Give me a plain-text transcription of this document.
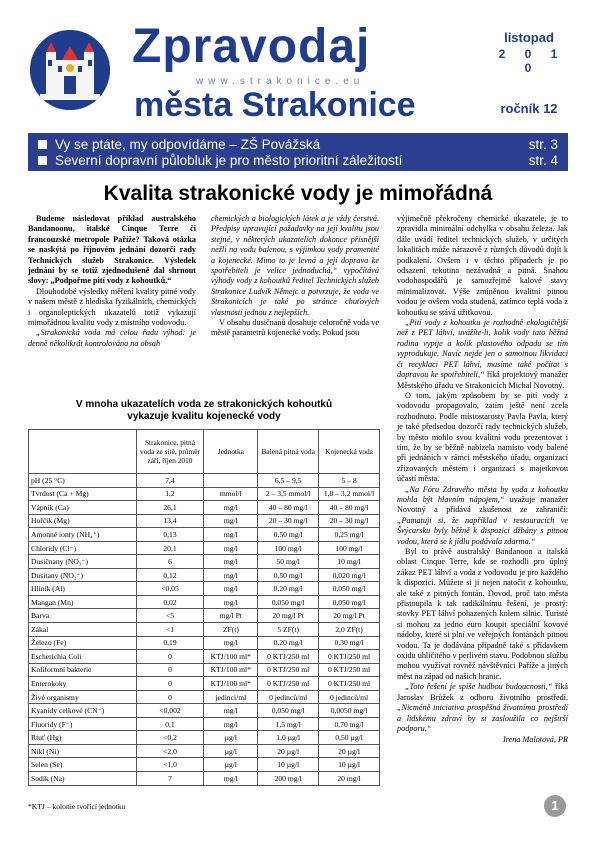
Zpravodaj
www.strakonice.eu
města Strakonice
listopad
2 0 1 0
ročník 12
Vy se ptáte, my odpovídáme – ZŠ Povážská	str. 3
Severní dopravní půlobluk je pro město prioritní záležitostí	str. 4
Kvalita strakonické vody je mimořádná

Budeme následovat příklad australského Bandanoonu, italské Cinque Terre či francouzské metropole Paříže? Taková otázka se naskýtá po říjnovém jednání dozorčí rady Technických služeb Strakonice. Výsledek jednání by se totiž zjednodušeně dal shrnout slovy: „Podpořme pití vody z kohoutků.“

Dlouhodobé výsledky měření kvality pitné vody v našem městě z hlediska fyzikálních, chemických i organoleptických ukazatelů totiž vykazují mimořádnou kvalitu vody z místního vodovodu.

„Strakonická voda má celou řadu výhod: je denně několikrát kontrolována na obsah

chemických a biologických látek a je vždy čerstvá. Předpisy upravující požadavky na její kvalitu jsou stejné, v některých ukazatelích dokonce přísnější nežli na vodu balenou, s výjimkou vody pramenité a kojenecké. Mimo to je levná a její doprava ke spotřebiteli je velice jednoduchá,“ vypočítává výhody vody z kohoutků ředitel Technických služeb Strakonice Ludvík Němejc a potvrzuje, že voda ve Strakonicích je také po stránce chuťových vlastností jednou z nejlepších.

V obsahu dusičnanů dosahuje celoročně voda ve městě parametrů kojenecké vody. Pokud jsou

výjimečně překročeny chemické ukazatele, je to zpravidla minimální odchylka v obsahu železa. Jak dále uvádí ředitel technických služeb, v určitých lokalitách může nárazově z různých důvodů dojít k podkalení. Ovšem i v těchto případech je po odsazení tekutina nezávadná a pitná. Snahou vodohospodářů je samozřejmě kalové stavy minimalizovat. Výše zmíněnou kvalitní pitnou vodou je ovšem voda studená, zatímco teplá voda z kohoutku se stává užitkovou.

„Pití vody z kohoutku je rozhodně ekologičtější než z PET láhví, uvážíte-li, kolik vody tato běžná rodina vypije a kolik plastového odpadu se tím vyprodukuje. Navíc nejde jen o samotnou likvidaci či recyklaci PET láhví, musíme také počítat s dopravou ke spotřebiteli,“ říká projektový manažer Městského úřadu ve Strakonicích Michal Novotný.

O tom, jakým způsobem by se pití vody z vodovodu propagovalo, zatím ještě není zcela rozhodnuto. Podle místostarosty Pavla Pavla, který je také předsedou dozorčí rady technických služeb, by město mohlo svou kvalitní vodu prezentovat i tím, že by se běžně nabízela namísto vody balené při jednáních v rámci městského úřadu, organizací zřizovaných městem i organizací s majetkovou účastí města.

„Na Fóru Zdravého města by voda z kohoutku mohla být hlavním nápojem,“ uvažuje manažer Novotný a přidává zkušenost ze zahraničí: „Pamatuji si, že například v restauracích ve Švýcarsku byly běžně k dispozici džbány s pitnou vodou, která se k jídlu podávala zdarma.“

Byl to právě australský Bandanoon a italská oblast Cinque Terre, kde se rozhodli pro úplný zákaz PET láhví a voda z vodovodu je pro každého k dispozici. Můžete si ji nejen natočit z kohoutku, ale také z pitných fontán. Dovod, proč tato města přistoupila k tak radikálnímu řešení, je prostý: stovky PET láhví pohazených kolem silnic. Turisté si mohou za jedno euro koupit speciální kovové nádoby, které si plní ve veřejných fontánách pitnou vodou. Ta je dodávána případně také s přídavkem oxidu uhličitého v perlivém stavu. Podobnou službu mohou využívat rovněž návštěvníci Paříže a jiných měst na západ od našich hranic.

„Toto řešení je spíše hudbou budoucnosti,“ říká Jaroslav Brůžek z odboru životního prostředí. „Nicméně iniciativa prospěšná životnímu prostředí a lidskému zdraví by si zasloužila co nejširší podporu.“

Irena Malotová, PR
V mnoha ukazatelích voda ze strakonických kohoutků
vykazuje kvalitu kojenecké vody
	Strakonice, pitná voda ze sítě, průměr září, říjen 2010	Jednotka	Balená pitná voda	Kojenecká voda
pH (25 °C)	7,4		6,5 – 9,5	5 – 8
Tvrdost (Ca + Mg)	1,2	mmol/l	2 – 3,5 mmol/l	1,8 – 3,2 mmol/l
Vápník (Ca)	26,1	mg/l	40 – 80 mg/l	40 – 80 mg/l
Hořčík (Mg)	13,4	mg/l	20 – 30 mg/l	20 – 30 mg/l
Amonné ionty (NH₄⁺)	0,13	mg/l	0,50 mg/l	0,25 mg/l
Chloridy (Cl⁻)	20,1	mg/l	100 mg/l	100 mg/l
Dusičnany (NO₃⁻)	6	mg/l	50 mg/l	10 mg/l
Dusitany (NO₂⁻)	0,12	mg/l	0,50 mg/l	0,020 mg/l
Hliník (Al)	<0,05	mg/l	0,20 mg/l	0,050 mg/l
Mangan (Mn)	0,02	mg/l	0,050 mg/l	0,050 mg/l
Barva	<5	mg/l Pt	20 mg/l Pt	20 mg/l Pt
Zákal	<1	ZF(t)	5 ZF(t)	2,0 ZF(t)
Železo (Fe)	0,19	mg/l	0,20 mg/l	0,30 mg/l
Escherichia Coli	0	KTJ/100 ml*	0 KTJ/250 ml	0 KTJ/250 ml
Koliformní bakterie	0	KTJ/100 ml*	0 KTJ/250 ml	0 KTJ/250 ml
Enterokoky	0	KTJ/100 ml*	0 KTJ/250 ml	0 KTJ/250 ml
Živé organismy	0	jedinci/ml	0 jedinců/ml	0 jedinců/ml
Kyanidy celkové (CN⁻)	<0,002	mg/l	0,050 mg/l	0,0050 mg/l
Fluoridy (F⁻)	0,1	mg/l	1,5 mg/l	0,70 mg/l
Rtuť (Hg)	<0,2	µg/l	1,0 µg/l	0,50 µg/l
Nikl (Ni)	<2,0	µg/l	20 µg/l	20 µg/l
Selen (Se)	<1,0	µg/l	10 µg/l	10 µg/l
Sodík (Na)	7	mg/l	200 mg/l	20 mg/l
*KTJ – kolonie tvořící jednotku	1
